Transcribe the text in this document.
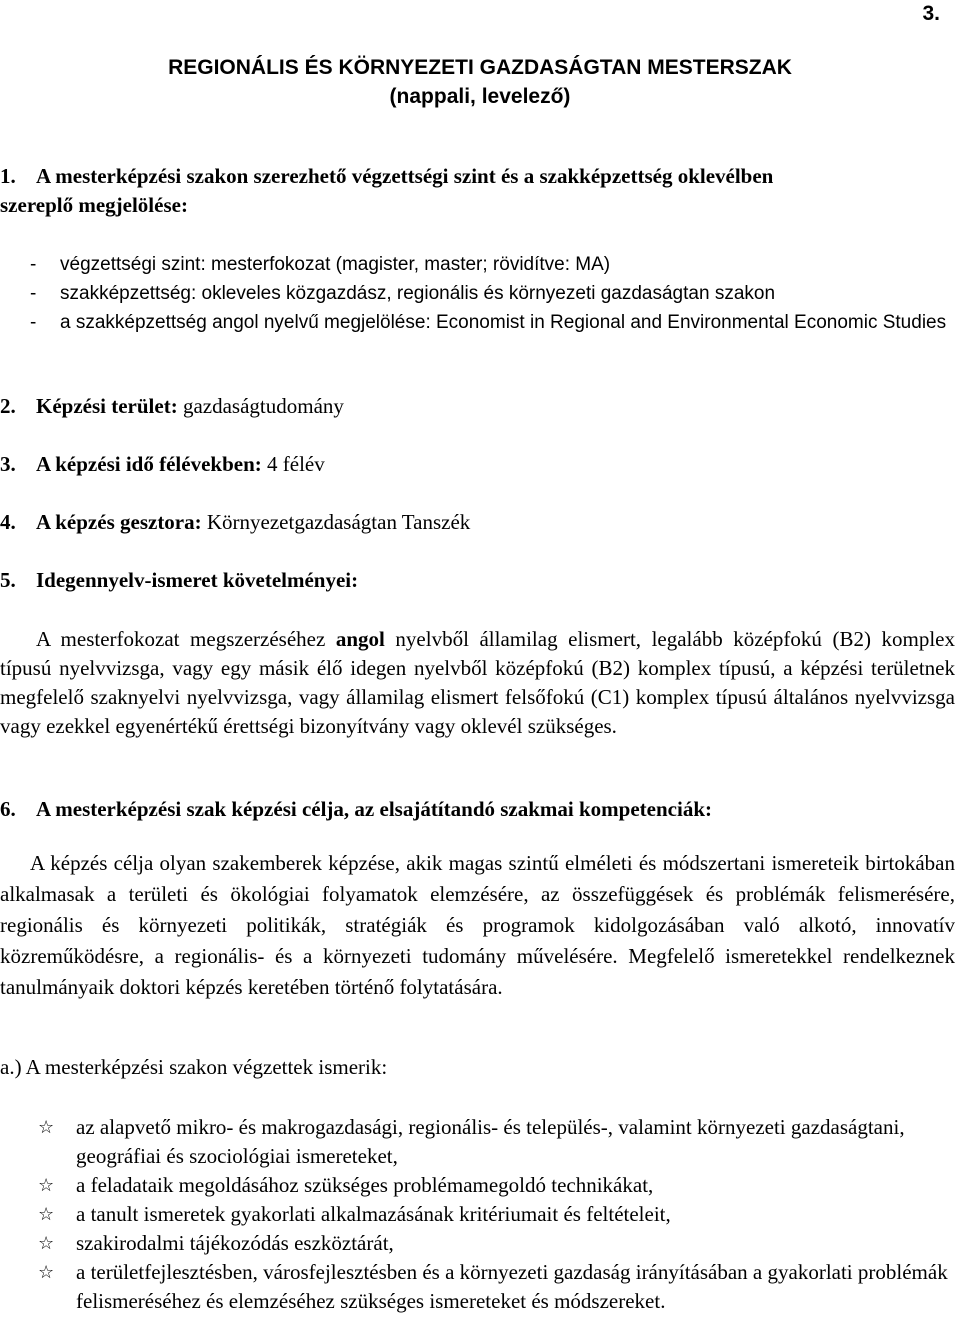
3.
REGIONÁLIS ÉS KÖRNYEZETI GAZDASÁGTAN MESTERSZAK
(nappali, levelező)
1. A mesterképzési szakon szerezhető végzettségi szint és a szakképzettség oklevélben
szereplő megjelölése:
- végzettségi szint: mesterfokozat (magister, master; rövidítve: MA)
- szakképzettség: okleveles közgazdász, regionális és környezeti gazdaságtan szakon
- a szakképzettség angol nyelvű megjelölése: Economist in Regional and Environmental Economic Studies
2. Képzési terület: gazdaságtudomány
3. A képzési idő félévekben: 4 félév
4. A képzés gesztora: Környezetgazdaságtan Tanszék
5. Idegennyelv-ismeret követelményei:
A mesterfokozat megszerzéséhez angol nyelvből államilag elismert, legalább középfokú (B2) komplex típusú nyelvvizsga, vagy egy másik élő idegen nyelvből középfokú (B2) komplex típusú, a képzési területnek megfelelő szaknyelvi nyelvvizsga, vagy államilag elismert felsőfokú (C1) komplex típusú általános nyelvvizsga vagy ezekkel egyenértékű érettségi bizonyítvány vagy oklevél szükséges.
6. A mesterképzési szak képzési célja, az elsajátítandó szakmai kompetenciák:
A képzés célja olyan szakemberek képzése, akik magas szintű elméleti és módszertani ismereteik birtokában alkalmasak a területi és ökológiai folyamatok elemzésére, az összefüggések és problémák felismerésére, regionális és környezeti politikák, stratégiák és programok kidolgozásában való alkotó, innovatív közreműködésre, a regionális- és a környezeti tudomány művelésére. Megfelelő ismeretekkel rendelkeznek tanulmányaik doktori képzés keretében történő folytatására.
a.) A mesterképzési szakon végzettek ismerik:
☆ az alapvető mikro- és makrogazdasági, regionális- és település-, valamint környezeti gazdaságtani, geográfiai és szociológiai ismereteket,
☆ a feladataik megoldásához szükséges problémamegoldó technikákat,
☆ a tanult ismeretek gyakorlati alkalmazásának kritériumait és feltételeit,
☆ szakirodalmi tájékozódás eszköztárát,
☆ a területfejlesztésben, városfejlesztésben és a környezeti gazdaság irányításában a gyakorlati problémák felismeréséhez és elemzéséhez szükséges ismereteket és módszereket.
